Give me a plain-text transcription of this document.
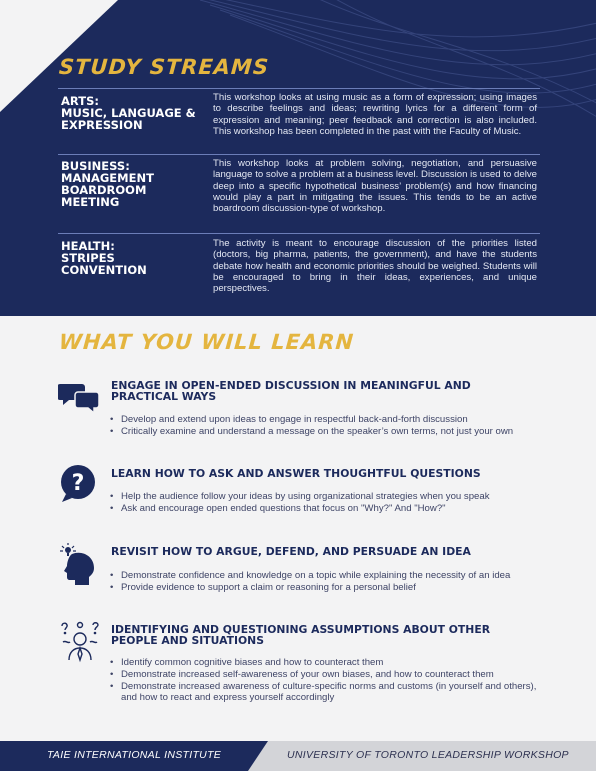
STUDY STREAMS
ARTS:
MUSIC, LANGUAGE &
EXPRESSION
This workshop looks at using music as a form of expression; using images to describe feelings and ideas; rewriting lyrics for a different form of expression and meaning; peer feedback and correction is also included. This workshop has been completed in the past with the Faculty of Music.
BUSINESS:
MANAGEMENT
BOARDROOM
MEETING
This workshop looks at problem solving, negotiation, and persuasive language to solve a problem at a business level. Discussion is used to delve deep into a specific hypothetical business’ problem(s) and how financing would play a part in mitigating the issues. This tends to be an active boardroom discussion-type of workshop.
HEALTH:
STRIPES
CONVENTION
The activity is meant to encourage discussion of the priorities listed (doctors, big pharma, patients, the government), and have the students debate how health and economic priorities should be weighed. Students will be encouraged to bring in their ideas, experiences, and unique perspectives.
WHAT YOU WILL LEARN
ENGAGE IN OPEN-ENDED DISCUSSION IN MEANINGFUL AND PRACTICAL WAYS
• Develop and extend upon ideas to engage in respectful back-and-forth discussion
• Critically examine and understand a message on the speaker’s own terms, not just your own
? LEARN HOW TO ASK AND ANSWER THOUGHTFUL QUESTIONS
• Help the audience follow your ideas by using organizational strategies when you speak
• Ask and encourage open ended questions that focus on "Why?" And "How?"
REVISIT HOW TO ARGUE, DEFEND, AND PERSUADE AN IDEA
• Demonstrate confidence and knowledge on a topic while explaining the necessity of an idea
• Provide evidence to support a claim or reasoning for a personal belief
IDENTIFYING AND QUESTIONING ASSUMPTIONS ABOUT OTHER PEOPLE AND SITUATIONS
• Identify common cognitive biases and how to counteract them
• Demonstrate increased self-awareness of your own biases, and how to counteract them
• Demonstrate increased awareness of culture-specific norms and customs (in yourself and others), and how to react and express yourself accordingly
TAIE INTERNATIONAL INSTITUTE	UNIVERSITY OF TORONTO LEADERSHIP WORKSHOP
